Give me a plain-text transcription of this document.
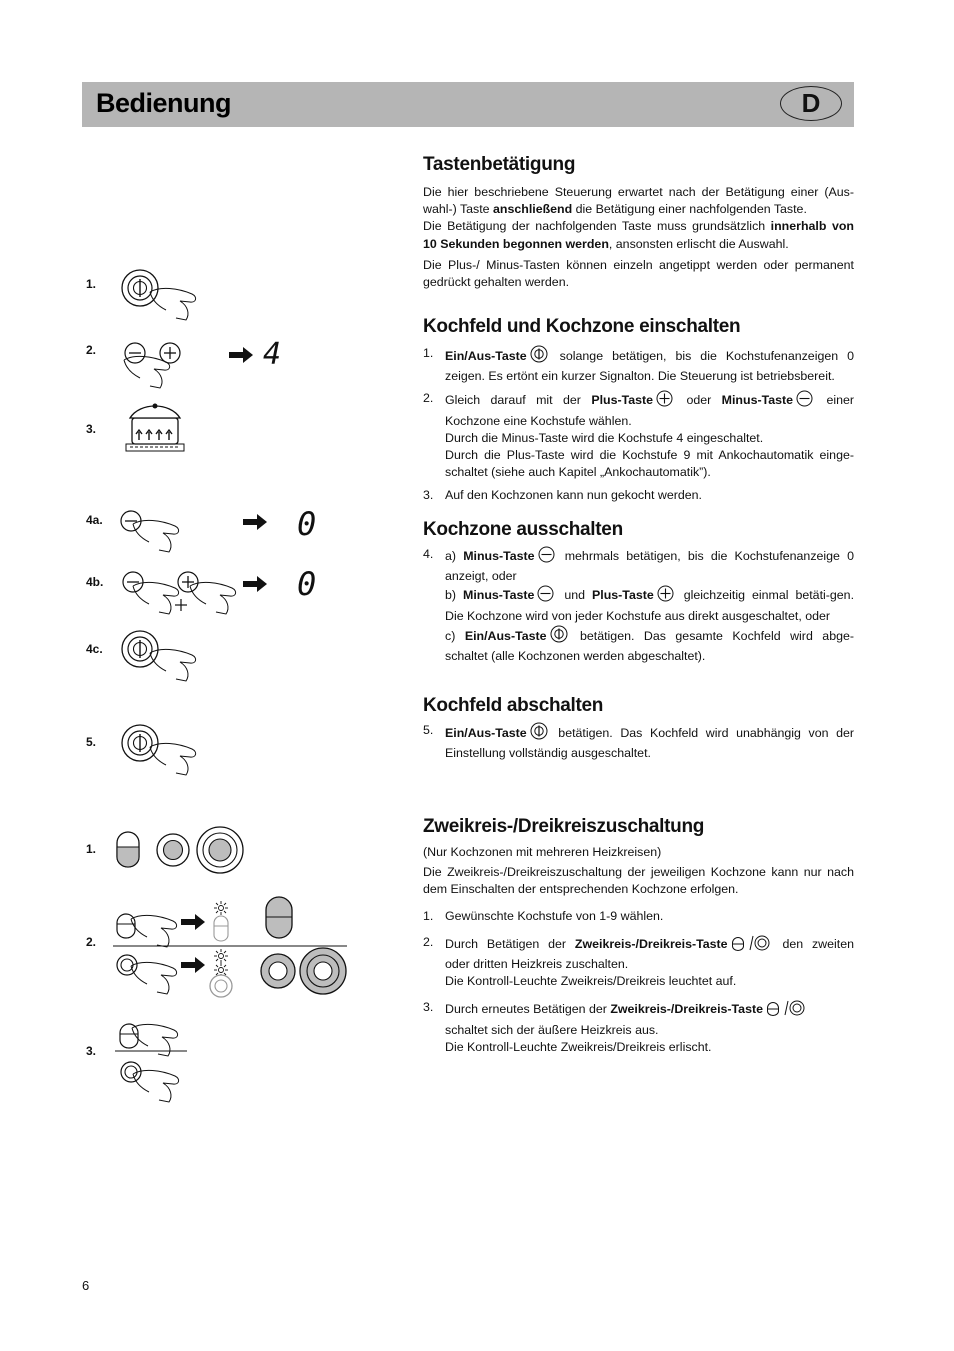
Bedienung	D
Tastenbetätigung

Die hier beschriebene Steuerung erwartet nach der Betätigung einer (Aus-wahl-) Taste anschließend die Betätigung einer nachfolgenden Taste.

Die Betätigung der nachfolgenden Taste muss grundsätzlich innerhalb von 10 Sekunden begonnen werden, ansonsten erlischt die Auswahl.

Die Plus-/ Minus-Tasten können einzeln angetippt werden oder permanent gedrückt gehalten werden.

Kochfeld und Kochzone einschalten
1. Ein/Aus-Taste solange betätigen, bis die Kochstufenanzeigen 0 zeigen. Es ertönt ein kurzer Signalton. Die Steuerung ist betriebsbereit.
2. Gleich darauf mit der Plus-Taste oder Minus-Taste einer Kochzone eine Kochstufe wählen.
Durch die Minus-Taste wird die Kochstufe 4 eingeschaltet.
Durch die Plus-Taste wird die Kochstufe 9 mit Ankochautomatik einge-schaltet (siehe auch Kapitel „Ankochautomatik”).
3. Auf den Kochzonen kann nun gekocht werden.
Kochzone ausschalten
4. a) Minus-Taste mehrmals betätigen, bis die Kochstufenanzeige 0 anzeigt, oder
b) Minus-Taste und Plus-Taste gleichzeitig einmal betäti-gen. Die Kochzone wird von jeder Kochstufe aus direkt ausgeschaltet, oder
c) Ein/Aus-Taste betätigen. Das gesamte Kochfeld wird abge-schaltet (alle Kochzonen werden abgeschaltet).
Kochfeld abschalten
5. Ein/Aus-Taste betätigen. Das Kochfeld wird unabhängig von der Einstellung vollständig ausgeschaltet.
Zweikreis-/Dreikreiszuschaltung

(Nur Kochzonen mit mehreren Heizkreisen)

Die Zweikreis-/Dreikreiszuschaltung der jeweiligen Kochzone kann nur nach dem Einschalten der entsprechenden Kochzone erfolgen.

1. Gewünschte Kochstufe von 1-9 wählen.
2. Durch Betätigen der Zweikreis-/Dreikreis-Taste	den zweiten oder dritten Heizkreis zuschalten.
Die Kontroll-Leuchte Zweikreis/Dreikreis leuchtet auf.
3. Durch erneutes Betätigen der Zweikreis-/Dreikreis-Taste
schaltet sich der äußere Heizkreis aus.
Die Kontroll-Leuchte Zweikreis/Dreikreis erlischt.
1.
2.
3.
4a.
4b.
4c.
5.
1.
2.
3.
4
0
0
6
